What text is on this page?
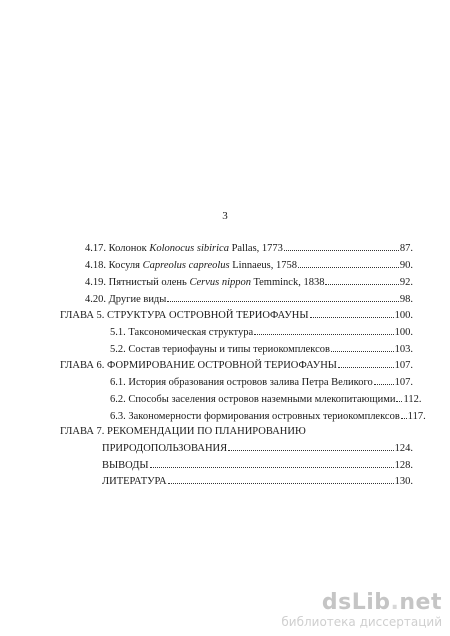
3
4.17. Колонок Kolonocus sibirica Pallas, 1773	87.
4.18. Косуля Capreolus capreolus Linnaeus, 1758	90.
4.19. Пятнистый олень Cervus nippon Temminck, 1838	92.
4.20. Другие виды	98.
ГЛАВА 5. СТРУКТУРА ОСТРОВНОЙ ТЕРИОФАУНЫ	100.
5.1. Таксономическая структура	100.
5.2. Состав териофауны и типы териокомплексов	103.
ГЛАВА 6. ФОРМИРОВАНИЕ ОСТРОВНОЙ ТЕРИОФАУНЫ	107.
6.1. История образования островов залива Петра Великого 107.
6.2. Способы заселения островов наземными млекопитающими 112.
6.3. Закономерности формирования островных териокомплексов 117.
ГЛАВА 7. РЕКОМЕНДАЦИИ ПО ПЛАНИРОВАНИЮ
ПРИРОДОПОЛЬЗОВАНИЯ	124.
ВЫВОДЫ	128.
ЛИТЕРАТУРА	130.
dsLib.net
библиотека диссертаций
